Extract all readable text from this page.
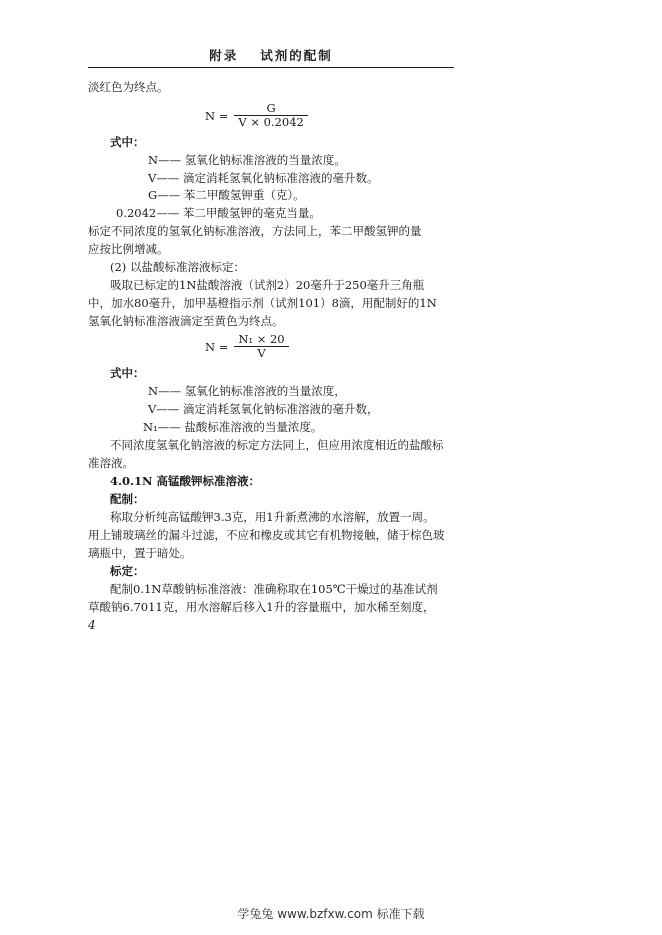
附录 试剂的配制
淡红色为终点。
$N = \frac{G}{V \times 0.2042}$
式中：
N—— 氢氧化钠标准溶液的当量浓度。
V—— 滴定消耗氢氧化钠标准溶液的毫升数。
G—— 苯二甲酸氢钾重（克）。
0.2042—— 苯二甲酸氢钾的毫克当量。
标定不同浓度的氢氧化钠标准溶液，方法同上，苯二甲酸氢钾的量
应按比例增减。
(2) 以盐酸标准溶液标定：
吸取已标定的1N盐酸溶液（试剂2）20毫升于250毫升三角瓶
中，加水80毫升，加甲基橙指示剂（试剂101）8滴，用配制好的1N
氢氧化钠标准溶液滴定至黄色为终点。
$N = \frac{\text{N₁ × 20}}{V}$
式中：
N—— 氢氧化钠标准溶液的当量浓度，
V—— 滴定消耗氢氧化钠标准溶液的毫升数，
N₁—— 盐酸标准溶液的当量浓度。
不同浓度氢氧化钠溶液的标定方法同上，但应用浓度相近的盐酸标
准溶液。
4.0.1N 高锰酸钾标准溶液：
配制：
称取分析纯高锰酸钾3.3克，用1升新煮沸的水溶解，放置一周。
用上铺玻璃丝的漏斗过滤，不应和橡皮或其它有机物接触，储于棕色玻
璃瓶中，置于暗处。
标定：
配制0.1N草酸钠标准溶液：准确称取在105℃干燥过的基准试剂
草酸钠6.7011克，用水溶解后移入1升的容量瓶中，加水稀至刻度，
4
学兔兔 www.bzfxw.com 标准下载
